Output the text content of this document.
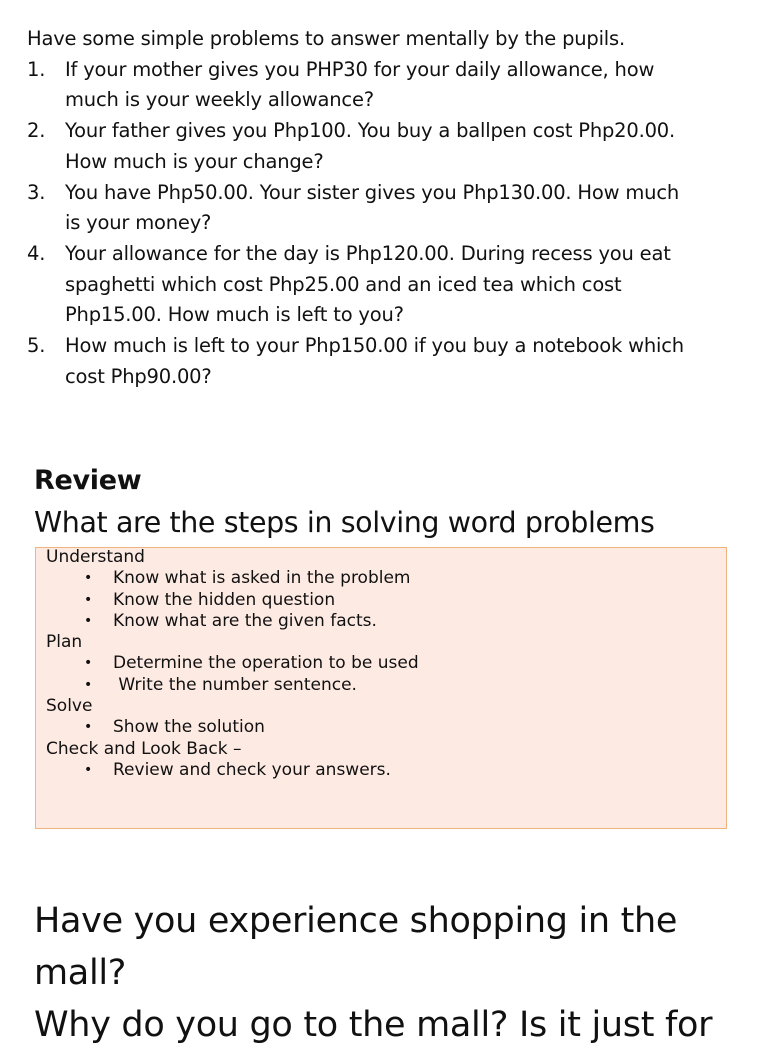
Have some simple problems to answer mentally by the pupils.
1.	If your mother gives you PHP30 for your daily allowance, how
much is your weekly allowance?
2.	Your father gives you Php100. You buy a ballpen cost Php20.00.
How much is your change?
3.	You have Php50.00. Your sister gives you Php130.00. How much
is your money?
4.	Your allowance for the day is Php120.00. During recess you eat
spaghetti which cost Php25.00 and an iced tea which cost
Php15.00. How much is left to you?
5.	How much is left to your Php150.00 if you buy a notebook which
cost Php90.00?
Review
What are the steps in solving word problems
Understand
• Know what is asked in the problem
• Know the hidden question
• Know what are the given facts.
Plan
• Determine the operation to be used
• Write the number sentence.
Solve
• Show the solution
Check and Look Back –
• Review and check your answers.
Have you experience shopping in the
mall?
Why do you go to the mall? Is it just for
